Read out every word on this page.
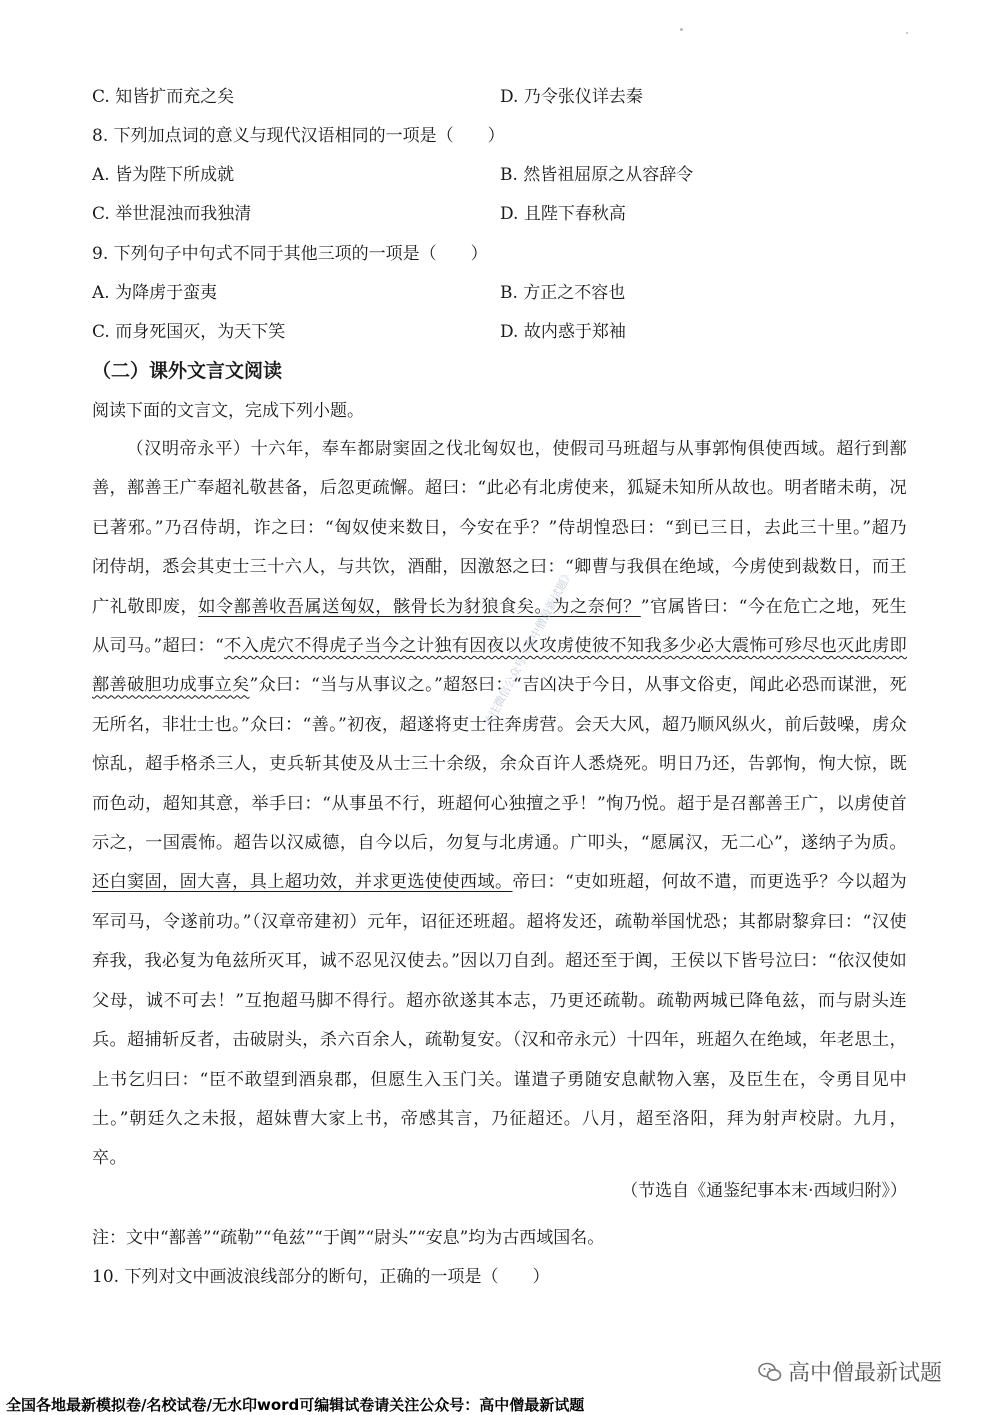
C. 知皆扩而充之矣	D. 乃令张仪详去秦
8. 下列加点词的意义与现代汉语相同的一项是（　　）
A. 皆为陛下所成就	B. 然皆祖屈原之从容辞令
C. 举世混浊而我独清	D. 且陛下春秋高
9. 下列句子中句式不同于其他三项的一项是（　　）
A. 为降虏于蛮夷	B. 方正之不容也
C. 而身死国灭，为天下笑	D. 故内惑于郑袖
（二）课外文言文阅读
阅读下面的文言文，完成下列小题。

（汉明帝永平）十六年，奉车都尉窦固之伐北匈奴也，使假司马班超与从事郭恂俱使西域。超行到鄯善，鄯善王广奉超礼敬甚备，后忽更疏懈。超曰：“此必有北虏使来，狐疑未知所从故也。明者睹未萌，况已著邪。”乃召侍胡，诈之曰：“匈奴使来数日，今安在乎？”侍胡惶恐曰：“到已三日，去此三十里。”超乃闭侍胡，悉会其吏士三十六人，与共饮，酒酣，因激怒之曰：“卿曹与我俱在绝域，今虏使到裁数日，而王广礼敬即废，如令鄯善收吾属送匈奴，骸骨长为豺狼食矣。为之奈何？”官属皆曰：“今在危亡之地，死生从司马。”超曰：“不入虎穴不得虎子当今之计独有因夜以火攻虏使彼不知我多少必大震怖可殄尽也灭此虏即鄯善破胆功成事立矣”众曰：“当与从事议之。”超怒曰：“吉凶决于今日，从事文俗吏，闻此必恐而谋泄，死无所名，非壮士也。”众曰：“善。”初夜，超遂将吏士往奔虏营。会天大风，超乃顺风纵火，前后鼓噪，虏众惊乱，超手格杀三人，吏兵斩其使及从士三十余级，余众百许人悉烧死。明日乃还，告郭恂，恂大惊，既而色动，超知其意，举手曰：“从事虽不行，班超何心独擅之乎！”恂乃悦。超于是召鄯善王广，以虏使首示之，一国震怖。超告以汉威德，自今以后，勿复与北虏通。广叩头，“愿属汉，无二心”，遂纳子为质。还白窦固，固大喜，具上超功效，并求更选使使西域。帝曰：“吏如班超，何故不遣，而更选乎？今以超为军司马，令遂前功。”（汉章帝建初）元年，诏征还班超。超将发还，疏勒举国忧恐；其都尉黎弇曰：“汉使弃我，我必复为龟兹所灭耳，诚不忍见汉使去。”因以刀自刭。超还至于阗，王侯以下皆号泣曰：“依汉使如父母，诚不可去！”互抱超马脚不得行。超亦欲遂其本志，乃更还疏勒。疏勒两城已降龟兹，而与尉头连兵。超捕斩反者，击破尉头，杀六百余人，疏勒复安。（汉和帝永元）十四年，班超久在绝域，年老思土，上书乞归曰：“臣不敢望到酒泉郡，但愿生入玉门关。谨遣子勇随安息献物入塞，及臣生在，令勇目见中土。”朝廷久之未报，超妹曹大家上书，帝感其言，乃征超还。八月，超至洛阳，拜为射声校尉。九月，卒。

关注微信公众号《高中僧最新试题》
（节选自《通鉴纪事本末·西域归附》）
注：文中“鄯善”“疏勒”“龟兹”“于阗”“尉头”“安息”均为古西域国名。
10. 下列对文中画波浪线部分的断句，正确的一项是（　　）
高中僧最新试题
全国各地最新模拟卷/名校试卷/无水印word可编辑试卷请关注公众号：高中僧最新试题
